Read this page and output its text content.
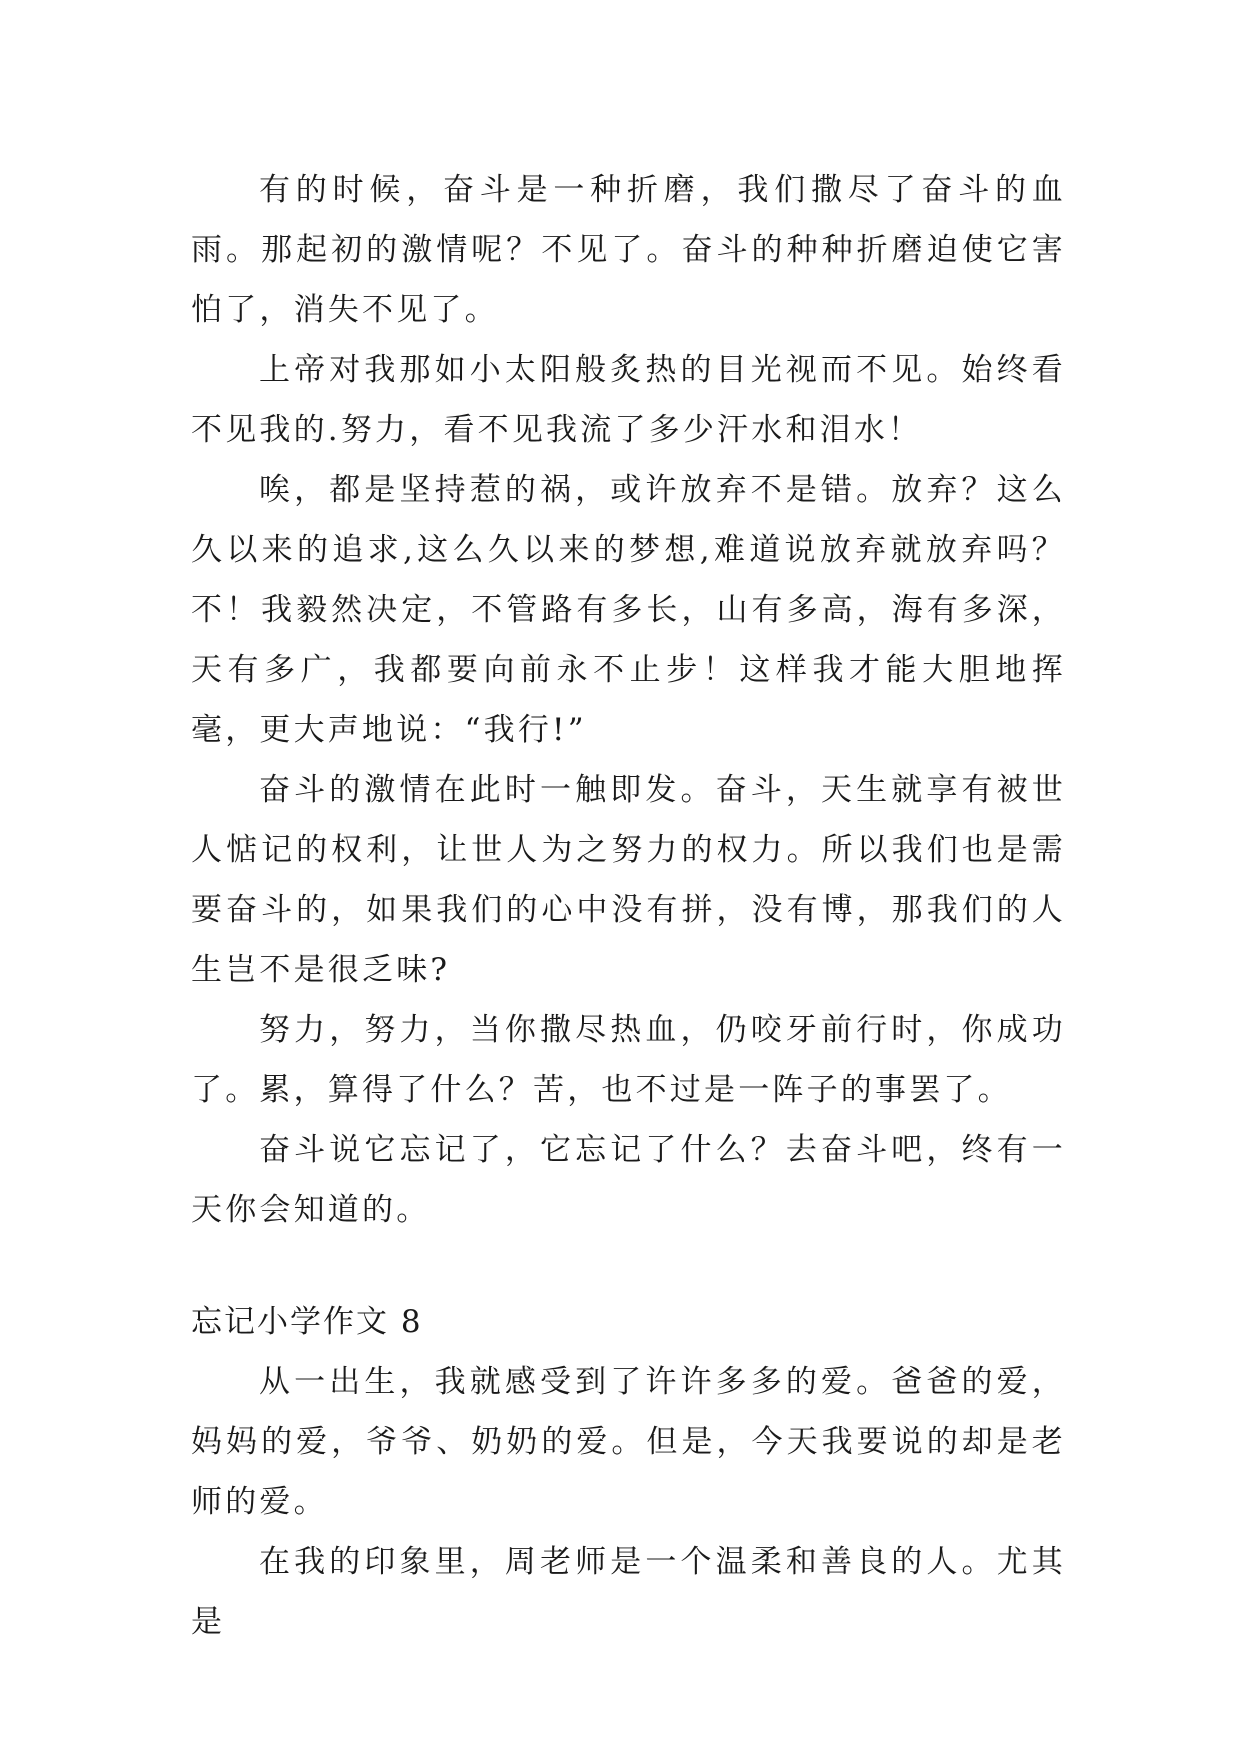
有的时候，奋斗是一种折磨，我们撒尽了奋斗的血雨。那起初的激情呢？不见了。奋斗的种种折磨迫使它害怕了，消失不见了。

上帝对我那如小太阳般炙热的目光视而不见。始终看不见我的.努力，看不见我流了多少汗水和泪水！

唉，都是坚持惹的祸，或许放弃不是错。放弃？这么久以来的追求,这么久以来的梦想,难道说放弃就放弃吗？不！我毅然决定，不管路有多长，山有多高，海有多深，天有多广，我都要向前永不止步！这样我才能大胆地挥毫，更大声地说：“我行!”

奋斗的激情在此时一触即发。奋斗，天生就享有被世人惦记的权利，让世人为之努力的权力。所以我们也是需要奋斗的，如果我们的心中没有拼，没有博，那我们的人生岂不是很乏味?

努力，努力，当你撒尽热血，仍咬牙前行时，你成功了。累，算得了什么？苦，也不过是一阵子的事罢了。

奋斗说它忘记了，它忘记了什么？去奋斗吧，终有一天你会知道的。

忘记小学作文 8

从一出生，我就感受到了许许多多的爱。爸爸的爱，妈妈的爱，爷爷、奶奶的爱。但是，今天我要说的却是老师的爱。

在我的印象里，周老师是一个温柔和善良的人。尤其是
